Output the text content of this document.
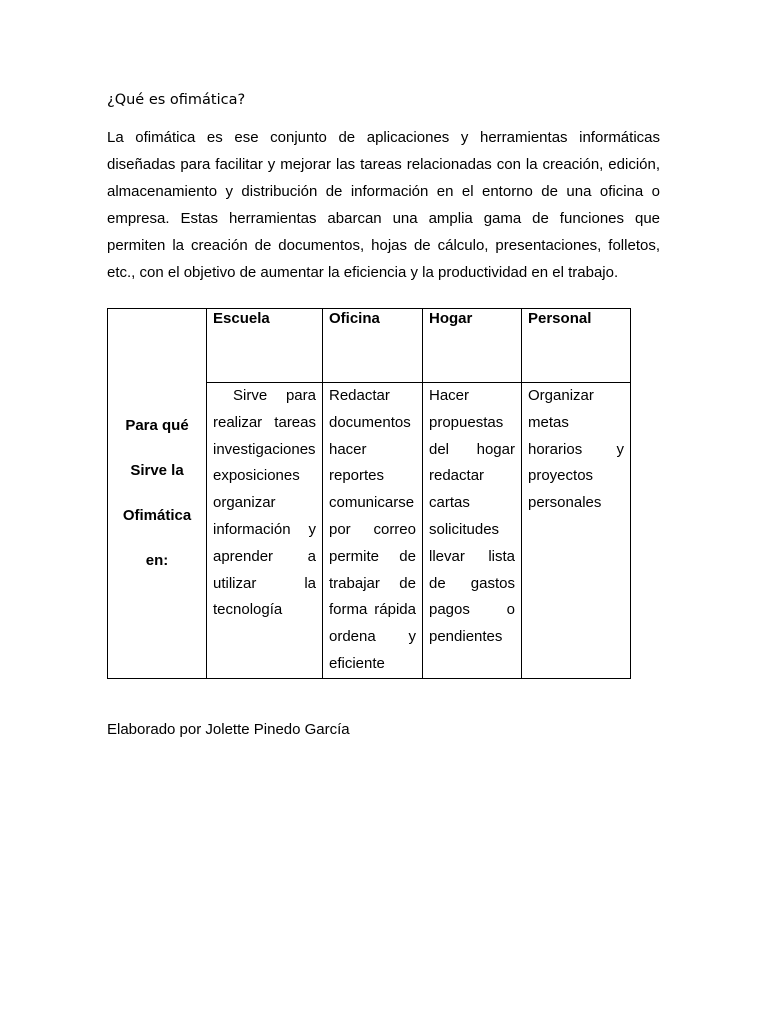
¿Qué es ofimática?

La ofimática es ese conjunto de aplicaciones y herramientas informáticas diseñadas para facilitar y mejorar las tareas relacionadas con la creación, edición, almacenamiento y distribución de información en el entorno de una oficina o empresa. Estas herramientas abarcan una amplia gama de funciones que permiten la creación de documentos, hojas de cálculo, presentaciones, folletos, etc., con el objetivo de aumentar la eficiencia y la productividad en el trabajo.

Para qué
Sirve la
Ofimática
en:	Escuela	Oficina	Hogar	Personal
	Sirve para realizar tareas investigaciones exposiciones organizar información y aprender a utilizar la tecnología	Redactar documentos hacer reportes comunicarse por correo permite de trabajar de forma rápida ordena y eficiente	Hacer propuestas del hogar redactar cartas solicitudes llevar lista de gastos pagos o pendientes	Organizar metas horarios y proyectos personales

Elaborado por Jolette Pinedo García
